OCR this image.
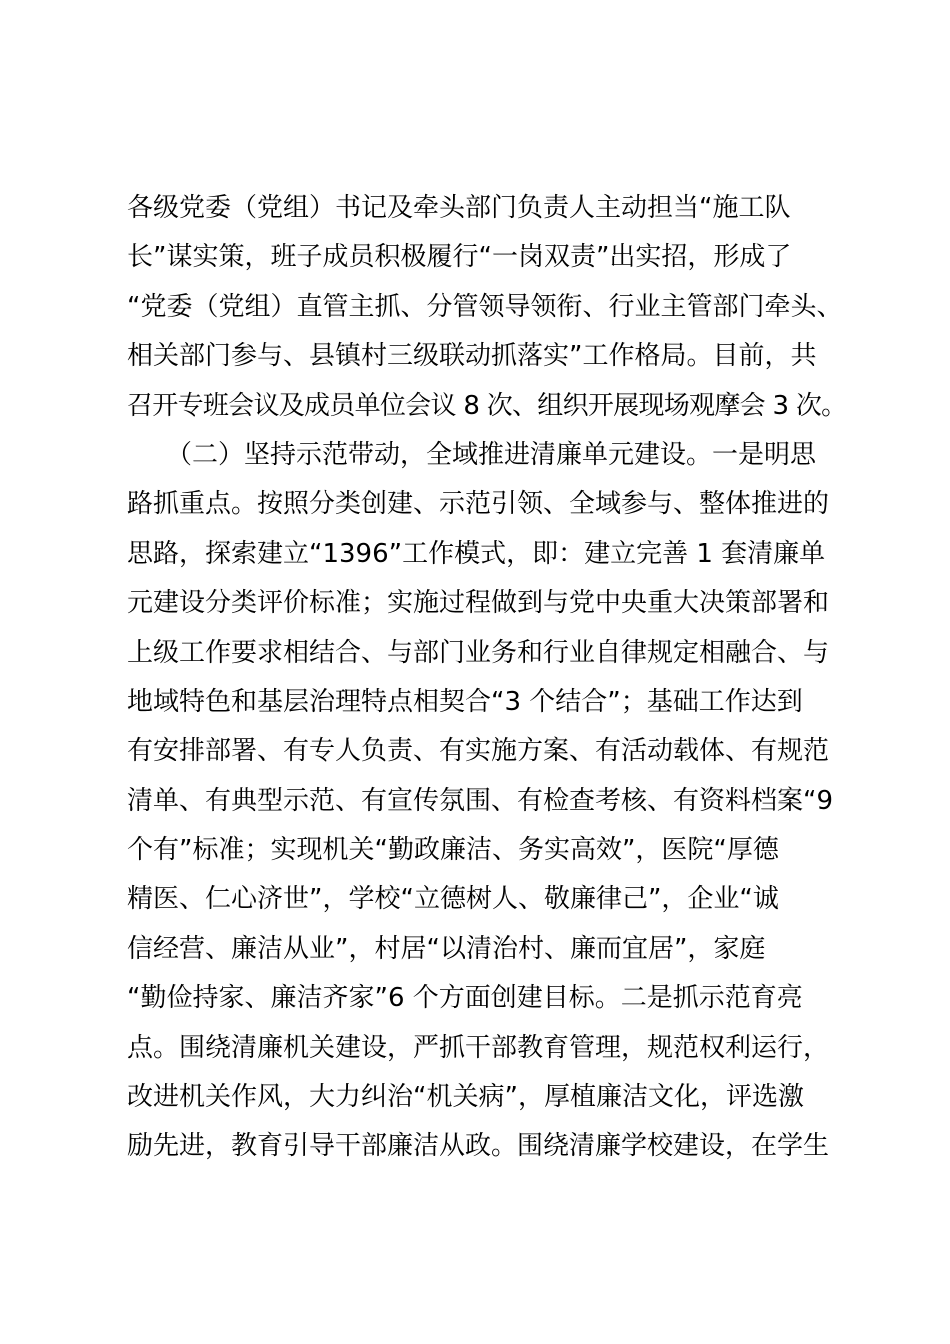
各级党委（党组）书记及牵头部门负责人主动担当“施工队
长”谋实策，班子成员积极履行“一岗双责”出实招，形成了
“党委（党组）直管主抓、分管领导领衔、行业主管部门牵头、
相关部门参与、县镇村三级联动抓落实”工作格局。目前，共
召开专班会议及成员单位会议 8 次、组织开展现场观摩会 3 次。
　　（二）坚持示范带动，全域推进清廉单元建设。一是明思
路抓重点。按照分类创建、示范引领、全域参与、整体推进的
思路，探索建立“1396”工作模式，即：建立完善 1 套清廉单
元建设分类评价标准；实施过程做到与党中央重大决策部署和
上级工作要求相结合、与部门业务和行业自律规定相融合、与
地域特色和基层治理特点相契合“3 个结合”；基础工作达到
有安排部署、有专人负责、有实施方案、有活动载体、有规范
清单、有典型示范、有宣传氛围、有检查考核、有资料档案“9
个有”标准；实现机关“勤政廉洁、务实高效”，医院“厚德
精医、仁心济世”，学校“立德树人、敬廉律己”，企业“诚
信经营、廉洁从业”，村居“以清治村、廉而宜居”，家庭
“勤俭持家、廉洁齐家”6 个方面创建目标。二是抓示范育亮
点。围绕清廉机关建设，严抓干部教育管理，规范权利运行，
改进机关作风，大力纠治“机关病”，厚植廉洁文化，评选激
励先进，教育引导干部廉洁从政。围绕清廉学校建设，在学生
